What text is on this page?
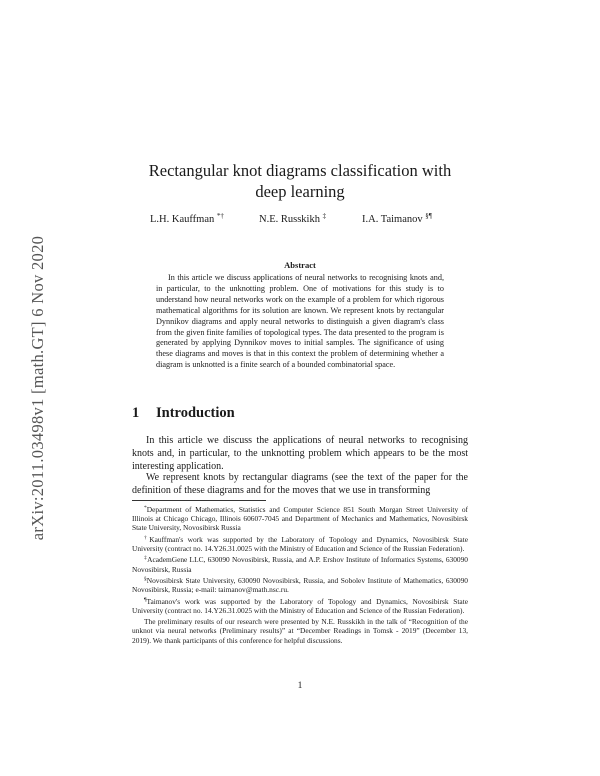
arXiv:2011.03498v1 [math.GT] 6 Nov 2020
Rectangular knot diagrams classification with
deep learning
L.H. Kauffman *†	N.E. Russkikh ‡	I.A. Taimanov §¶
Abstract

In this article we discuss applications of neural networks to recognising knots and, in particular, to the unknotting problem. One of motivations for this study is to understand how neural networks work on the example of a problem for which rigorous mathematical algorithms for its solution are known. We represent knots by rectangular Dynnikov diagrams and apply neural networks to distinguish a given diagram's class from the given finite families of topological types. The data presented to the program is generated by applying Dynnikov moves to initial samples. The significance of using these diagrams and moves is that in this context the problem of determining whether a diagram is unknotted is a finite search of a bounded combinatorial space.

1 Introduction

In this article we discuss the applications of neural networks to recognising knots and, in particular, to the unknotting problem which appears to be the most interesting application.

We represent knots by rectangular diagrams (see the text of the paper for the definition of these diagrams and for the moves that we use in transforming

*Department of Mathematics, Statistics and Computer Science 851 South Morgan Street University of Illinois at Chicago Chicago, Illinois 60607-7045 and Department of Mechanics and Mathematics, Novosibirsk State University, Novosibirsk Russia

†Kauffman's work was supported by the Laboratory of Topology and Dynamics, Novosibirsk State University (contract no. 14.Y26.31.0025 with the Ministry of Education and Science of the Russian Federation).

‡AcademGene LLC, 630090 Novosibirsk, Russia, and A.P. Ershov Institute of Informatics Systems, 630090 Novosibirsk, Russia

§Novosibirsk State University, 630090 Novosibirsk, Russia, and Sobolev Institute of Mathematics, 630090 Novosibirsk, Russia; e-mail: taimanov@math.nsc.ru.

¶Taimanov's work was supported by the Laboratory of Topology and Dynamics, Novosibirsk State University (contract no. 14.Y26.31.0025 with the Ministry of Education and Science of the Russian Federation).

The preliminary results of our research were presented by N.E. Russkikh in the talk of “Recognition of the unknot via neural networks (Preliminary results)” at “December Readings in Tomsk - 2019” (December 13, 2019). We thank participants of this conference for helpful discussions.

1
